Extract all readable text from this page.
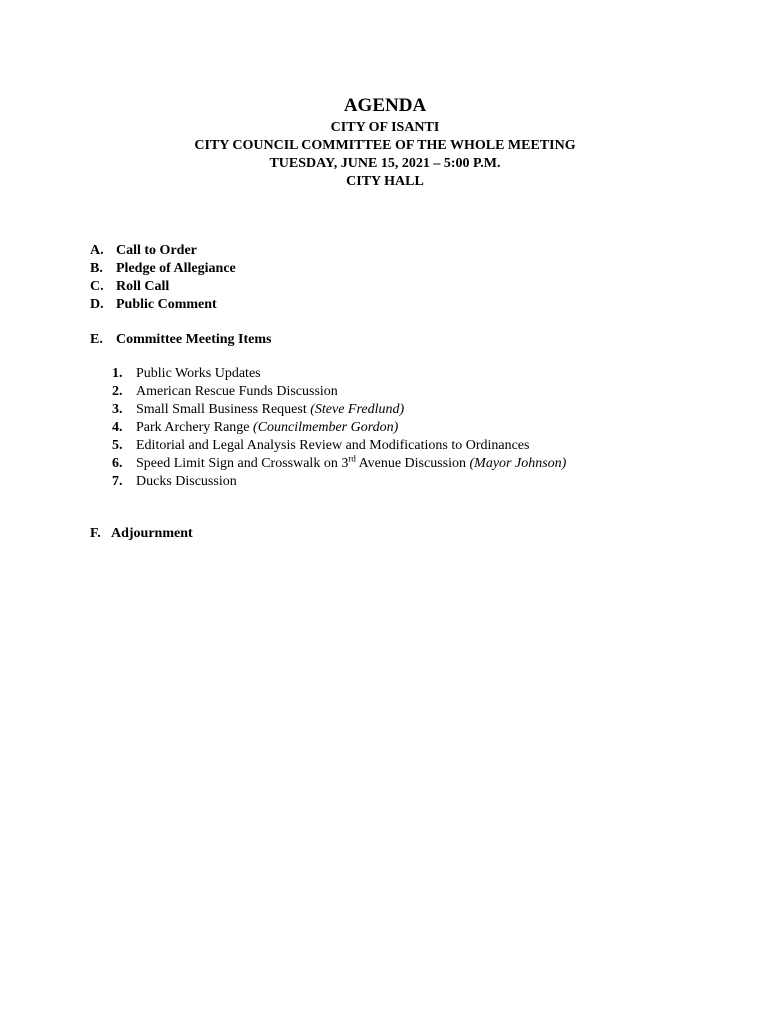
AGENDA
CITY OF ISANTI
CITY COUNCIL COMMITTEE OF THE WHOLE MEETING
TUESDAY, JUNE 15, 2021 – 5:00 P.M.
CITY HALL
A. Call to Order
B. Pledge of Allegiance
C. Roll Call
D. Public Comment
E. Committee Meeting Items
1. Public Works Updates
2. American Rescue Funds Discussion
3. Small Small Business Request (Steve Fredlund)
4. Park Archery Range (Councilmember Gordon)
5. Editorial and Legal Analysis Review and Modifications to Ordinances
6. Speed Limit Sign and Crosswalk on 3rd Avenue Discussion (Mayor Johnson)
7. Ducks Discussion
F. Adjournment
